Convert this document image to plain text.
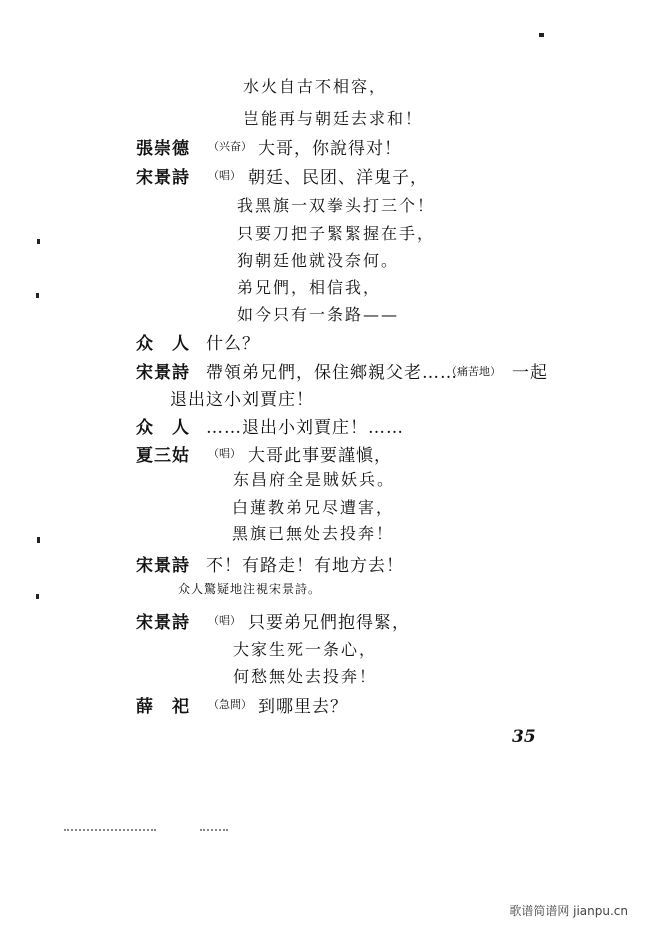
水火自古不相容，
岂能再与朝廷去求和！
張崇德 （兴奋） 大哥，你說得对！
宋景詩 （唱） 朝廷、民团、洋鬼子，
我黑旗一双拳头打三个！
只要刀把子緊緊握在手，
狗朝廷他就没奈何。
弟兄們，相信我，
如今只有一条路——
众　人 什么？
宋景詩 帶領弟兄們，保住鄉親父老……
（痛苦地） 一起
退出这小刘賈庄！
众　人 ……退出小刘賈庄！……
夏三姑 （唱） 大哥此事要謹愼，
东昌府全是賊妖兵。
白蓮教弟兄尽遭害，
黑旗已無处去投奔！
宋景詩 不！有路走！有地方去！
众人驚疑地注視宋景詩。
宋景詩 （唱） 只要弟兄們抱得緊，
大家生死一条心，
何愁無处去投奔！
薛　祀 （急問） 到哪里去？
35
歌谱简谱网 jianpu.cn
